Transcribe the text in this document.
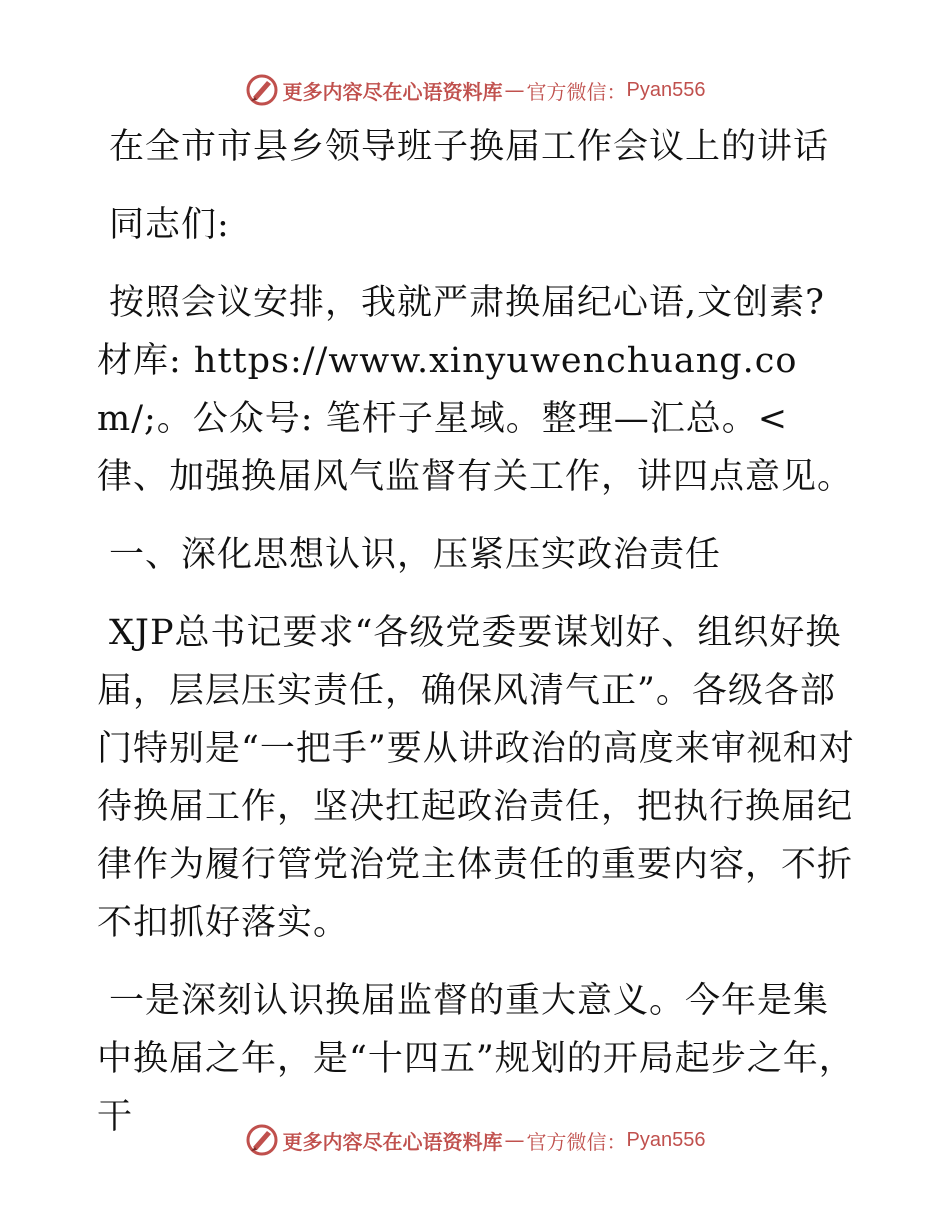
更多内容尽在心语资料库 — 官方微信： Pyan556

在全市市县乡领导班子换届工作会议上的讲话

同志们:

按照会议安排，我就严肃换届纪心语,文创素?材库: https://www.xinyuwenchuang.com/;。公众号: 笔杆子星域。整理—汇总。<律、加强换届风气监督有关工作，讲四点意见。

一、深化思想认识，压紧压实政治责任

XJP总书记要求“各级党委要谋划好、组织好换届，层层压实责任，确保风清气正”。各级各部门特别是“一把手”要从讲政治的高度来审视和对待换届工作，坚决扛起政治责任，把执行换届纪律作为履行管党治党主体责任的重要内容，不折不扣抓好落实。

一是深刻认识换届监督的重大意义。今年是集中换届之年，是“十四五”规划的开局起步之年，干

更多内容尽在心语资料库 — 官方微信： Pyan556
